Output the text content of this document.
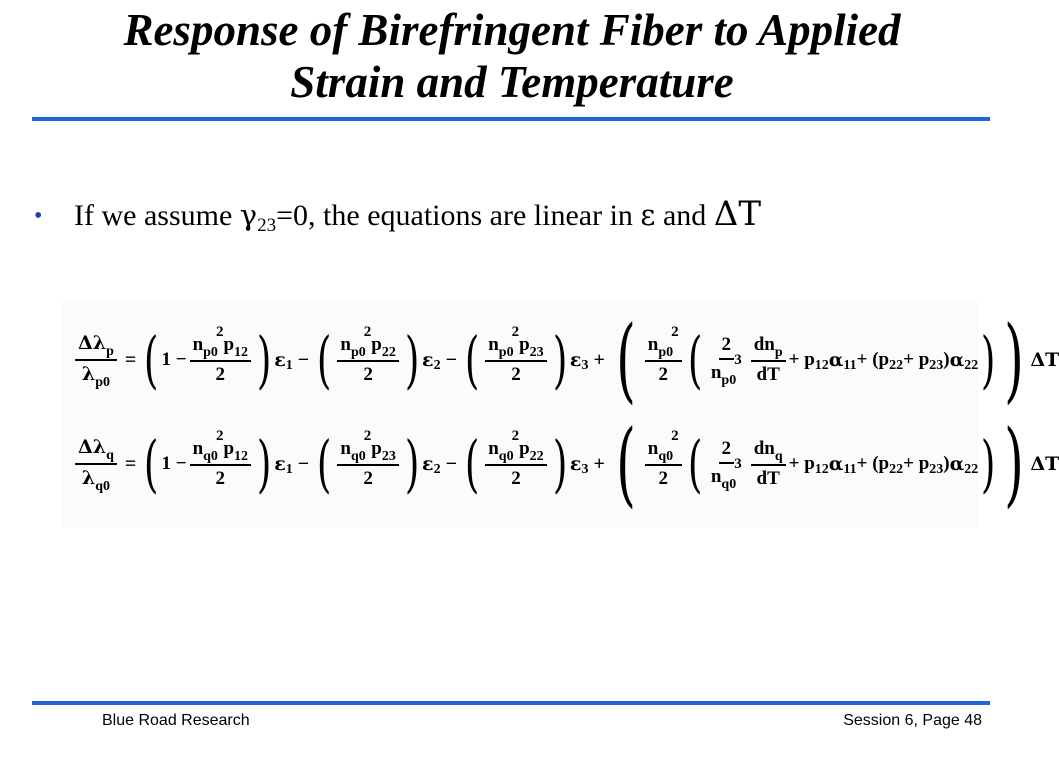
Response of Birefringent Fiber to Applied
Strain and Temperature
• If we assume $\gamma_{23}=0$, the equations are linear in ε and ΔT
$\frac{\Delta\lambda_p}{\lambda_{p0}}$ = ( $1 - \frac{n_{p0}^2p_{12}}{2}$ ) ε 1 − ( $\frac{n_{p0}^2p_{22}}{2}$ ) ε 2 − ( $\frac{n_{p0}^2p_{23}}{2}$ ) ε 3 + ( $\frac{n_{p0}^2}{2}$ ( $\frac{2}{n_{p0}^3} \frac{dn_p}{dT} + p$ 12 α 11 + (p 22 + p 23 ) α 22 ) ) ΔT
$\frac{\Delta\lambda_q}{\lambda_{q0}}$ = ( $1 - \frac{n_{q0}^2p_{12}}{2}$ ) ε 1 − ( $\frac{n_{q0}^2p_{23}}{2}$ ) ε 2 − ( $\frac{n_{q0}^2p_{22}}{2}$ ) ε 3 + ( $\frac{n_{q0}^2}{2}$ ( $\frac{2}{n_{q0}^3} \frac{dn_q}{dT} + p$ 12 α 11 + (p 22 + p 23 ) α 22 ) ) ΔT
Blue Road Research	Session 6, Page 48
